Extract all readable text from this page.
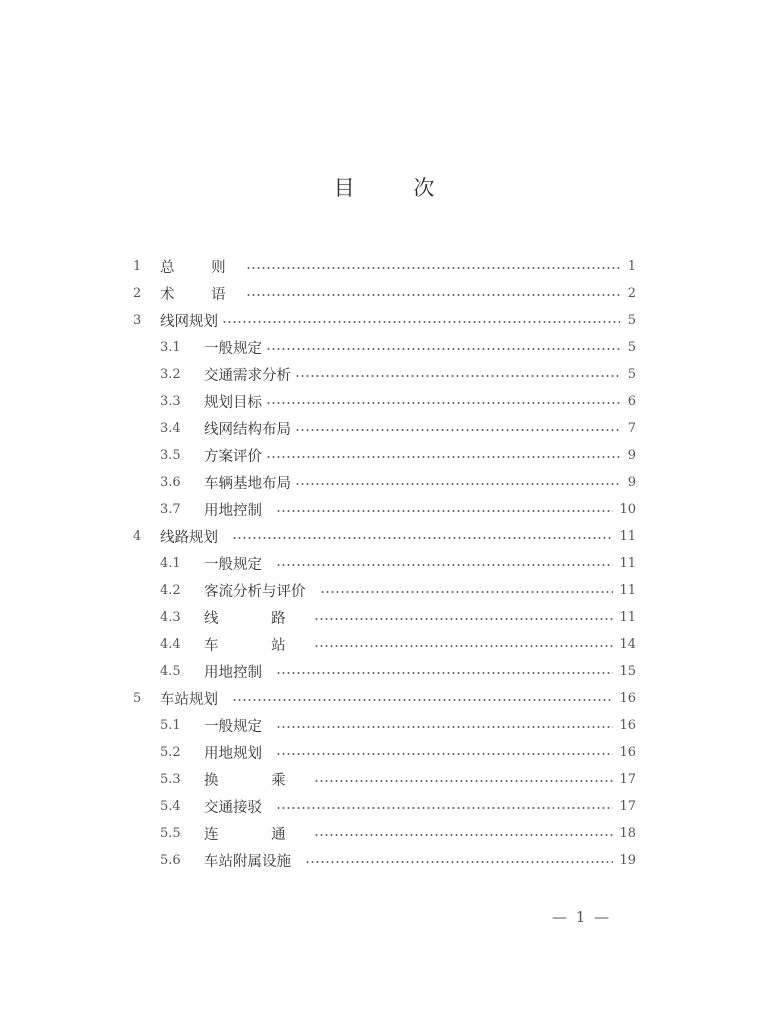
目 次
1	总 则	1
2	术 语	2
3	线网规划	5
3.1	一般规定	5
3.2	交通需求分析	5
3.3	规划目标	6
3.4	线网结构布局	7
3.5	方案评价	9
3.6	车辆基地布局	9
3.7	用地控制	10
4	线路规划	11
4.1	一般规定	11
4.2	客流分析与评价	11
4.3	线 路	11
4.4	车 站	14
4.5	用地控制	15
5	车站规划	16
5.1	一般规定	16
5.2	用地规划	16
5.3	换 乘	17
5.4	交通接驳	17
5.5	连 通	18
5.6	车站附属设施	19
— 1 —
